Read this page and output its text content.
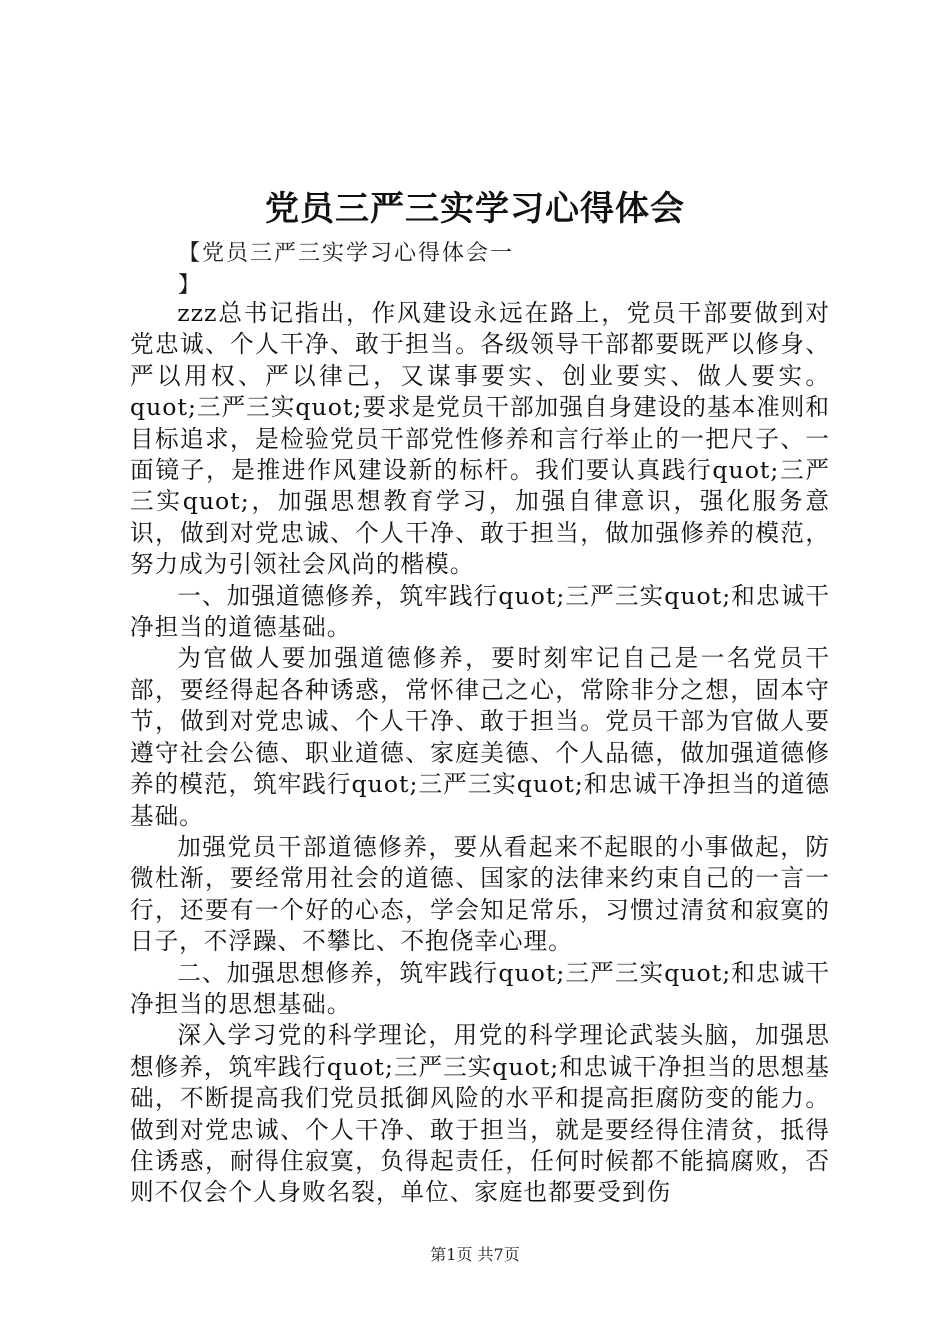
党员三严三实学习心得体会
【党员三严三实学习心得体会一
】

zzz总书记指出，作风建设永远在路上，党员干部要做到对党忠诚、个人干净、敢于担当。各级领导干部都要既严以修身、严以用权、严以律己，又谋事要实、创业要实、做人要实。quot;三严三实quot;要求是党员干部加强自身建设的基本准则和目标追求，是检验党员干部党性修养和言行举止的一把尺子、一面镜子，是推进作风建设新的标杆。我们要认真践行quot;三严三实quot;，加强思想教育学习，加强自律意识，强化服务意识，做到对党忠诚、个人干净、敢于担当，做加强修养的模范，努力成为引领社会风尚的楷模。

一、加强道德修养，筑牢践行quot;三严三实quot;和忠诚干净担当的道德基础。

为官做人要加强道德修养，要时刻牢记自己是一名党员干部，要经得起各种诱惑，常怀律己之心，常除非分之想，固本守节，做到对党忠诚、个人干净、敢于担当。党员干部为官做人要遵守社会公德、职业道德、家庭美德、个人品德，做加强道德修养的模范，筑牢践行quot;三严三实quot;和忠诚干净担当的道德基础。

加强党员干部道德修养，要从看起来不起眼的小事做起，防微杜渐，要经常用社会的道德、国家的法律来约束自己的一言一行，还要有一个好的心态，学会知足常乐，习惯过清贫和寂寞的日子，不浮躁、不攀比、不抱侥幸心理。

二、加强思想修养，筑牢践行quot;三严三实quot;和忠诚干净担当的思想基础。

深入学习党的科学理论，用党的科学理论武装头脑，加强思想修养，筑牢践行quot;三严三实quot;和忠诚干净担当的思想基础，不断提高我们党员抵御风险的水平和提高拒腐防变的能力。做到对党忠诚、个人干净、敢于担当，就是要经得住清贫，抵得住诱惑，耐得住寂寞，负得起责任，任何时候都不能搞腐败，否则不仅会个人身败名裂，单位、家庭也都要受到伤

第1页 共7页
